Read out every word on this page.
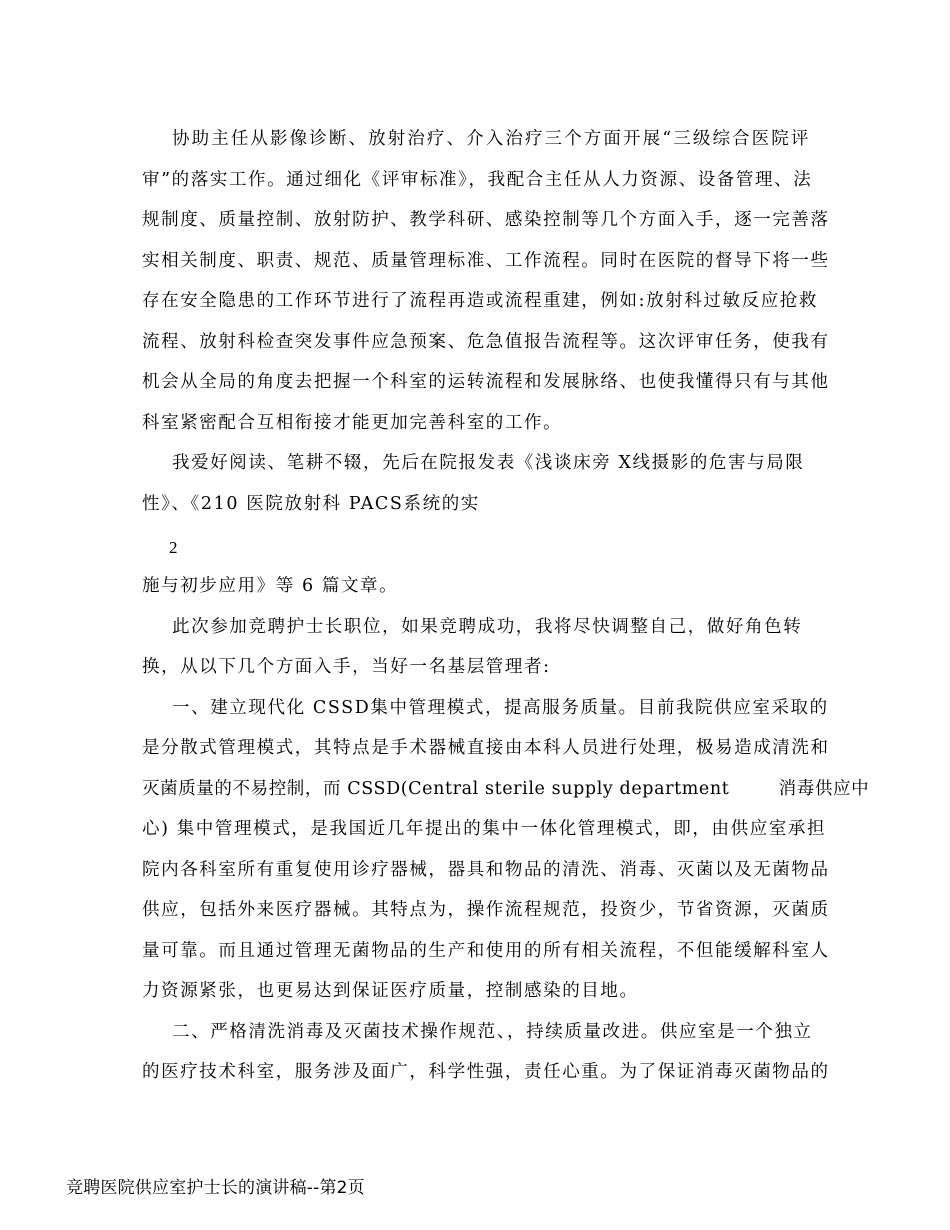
协助主任从影像诊断、放射治疗、介入治疗三个方面开展“三级综合医院评
审”的落实工作。通过细化《评审标准》，我配合主任从人力资源、设备管理、法
规制度、质量控制、放射防护、教学科研、感染控制等几个方面入手，逐一完善落
实相关制度、职责、规范、质量管理标准、工作流程。同时在医院的督导下将一些
存在安全隐患的工作环节进行了流程再造或流程重建，例如:放射科过敏反应抢救
流程、放射科检查突发事件应急预案、危急值报告流程等。这次评审任务，使我有
机会从全局的角度去把握一个科室的运转流程和发展脉络、也使我懂得只有与其他
科室紧密配合互相衔接才能更加完善科室的工作。
我爱好阅读、笔耕不辍，先后在院报发表《浅谈床旁 X线摄影的危害与局限
性》、《210 医院放射科 PACS系统的实
2
施与初步应用》等 6 篇文章。
此次参加竞聘护士长职位，如果竞聘成功，我将尽快调整自己，做好角色转
换，从以下几个方面入手，当好一名基层管理者:
一、建立现代化 CSSD集中管理模式，提高服务质量。目前我院供应室采取的
是分散式管理模式，其特点是手术器械直接由本科人员进行处理，极易造成清洗和
灭菌质量的不易控制，而 CSSD(Central sterile supply department        消毒供应中
心) 集中管理模式，是我国近几年提出的集中一体化管理模式，即，由供应室承担
院内各科室所有重复使用诊疗器械，器具和物品的清洗、消毒、灭菌以及无菌物品
供应，包括外来医疗器械。其特点为，操作流程规范，投资少，节省资源，灭菌质
量可靠。而且通过管理无菌物品的生产和使用的所有相关流程，不但能缓解科室人
力资源紧张，也更易达到保证医疗质量，控制感染的目地。
二、严格清洗消毒及灭菌技术操作规范、，持续质量改进。供应室是一个独立
的医疗技术科室，服务涉及面广，科学性强，责任心重。为了保证消毒灭菌物品的
竞聘医院供应室护士长的演讲稿--第2页
